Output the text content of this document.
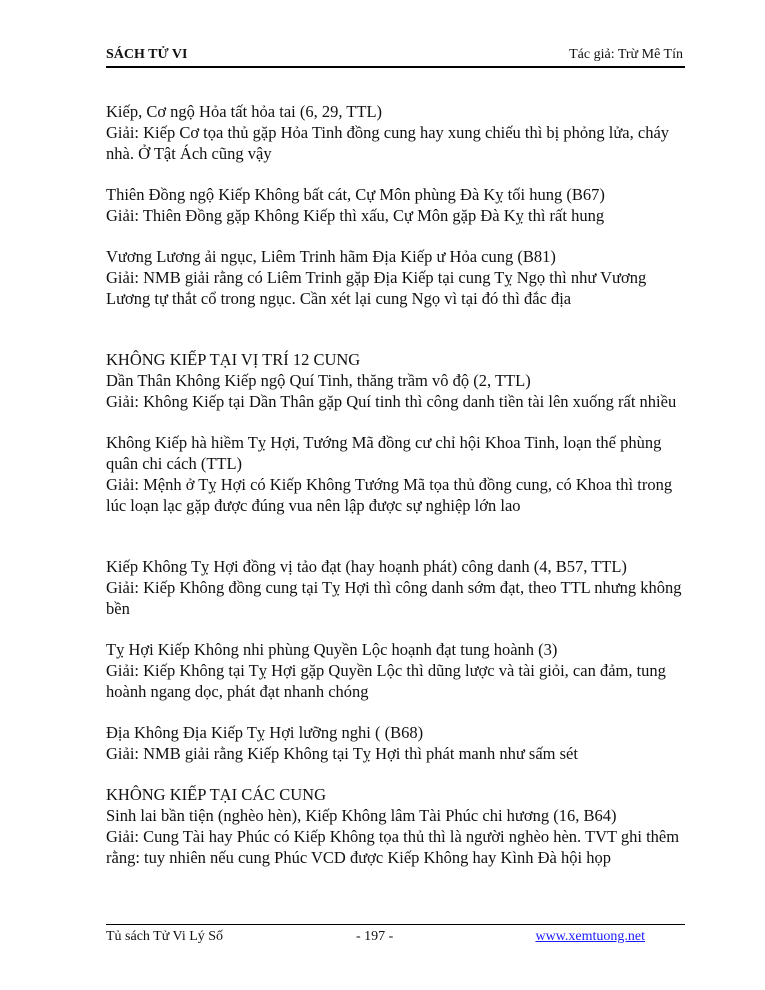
SÁCH TỬ VI	Tác giả: Trừ Mê Tín
Kiếp, Cơ ngộ Hỏa tất hỏa tai (6, 29, TTL)
Giải: Kiếp Cơ tọa thủ gặp Hỏa Tinh đồng cung hay xung chiếu thì bị phỏng lửa, cháy nhà. Ở Tật Ách cũng vậy
Thiên Đồng ngộ Kiếp Không bất cát, Cự Môn phùng Đà Kỵ tối hung (B67)
Giải: Thiên Đồng gặp Không Kiếp thì xấu, Cự Môn gặp Đà Kỵ thì rất hung
Vương Lương ải ngục, Liêm Trinh hãm Địa Kiếp ư Hỏa cung (B81)
Giải: NMB giải rằng có Liêm Trinh gặp Địa Kiếp tại cung Tỵ Ngọ thì như Vương Lương tự thắt cổ trong ngục. Cần xét lại cung Ngọ vì tại đó thì đắc địa
KHÔNG KIẾP TẠI VỊ TRÍ 12 CUNG
Dần Thân Không Kiếp ngộ Quí Tinh, thăng trầm vô độ (2, TTL)
Giải: Không Kiếp tại Dần Thân gặp Quí tinh thì công danh tiền tài lên xuống rất nhiều
Không Kiếp hà hiềm Tỵ Hợi, Tướng Mã đồng cư chỉ hội Khoa Tinh, loạn thế phùng quân chi cách (TTL)
Giải: Mệnh ở Tỵ Hợi có Kiếp Không Tướng Mã tọa thủ đồng cung, có Khoa thì trong lúc loạn lạc gặp được đúng vua nên lập được sự nghiệp lớn lao
Kiếp Không Tỵ Hợi đồng vị tảo đạt (hay hoạnh phát) công danh (4, B57, TTL)
Giải: Kiếp Không đồng cung tại Tỵ Hợi thì công danh sớm đạt, theo TTL nhưng không bền
Tỵ Hợi Kiếp Không nhi phùng Quyền Lộc hoạnh đạt tung hoành (3)
Giải: Kiếp Không tại Tỵ Hợi gặp Quyền Lộc thì dũng lược và tài giỏi, can đảm, tung hoành ngang dọc, phát đạt nhanh chóng
Địa Không Địa Kiếp Tỵ Hợi lưỡng nghi ( (B68)
Giải: NMB giải rằng Kiếp Không tại Tỵ Hợi thì phát manh như sấm sét
KHÔNG KIẾP TẠI CÁC CUNG
Sinh lai bần tiện (nghèo hèn), Kiếp Không lâm Tài Phúc chi hương (16, B64)
Giải: Cung Tài hay Phúc có Kiếp Không tọa thủ thì là người nghèo hèn. TVT ghi thêm rằng: tuy nhiên nếu cung Phúc VCD được Kiếp Không hay Kình Đà hội họp
Tủ sách Tử Vi Lý Số	- 197 -	www.xemtuong.net
